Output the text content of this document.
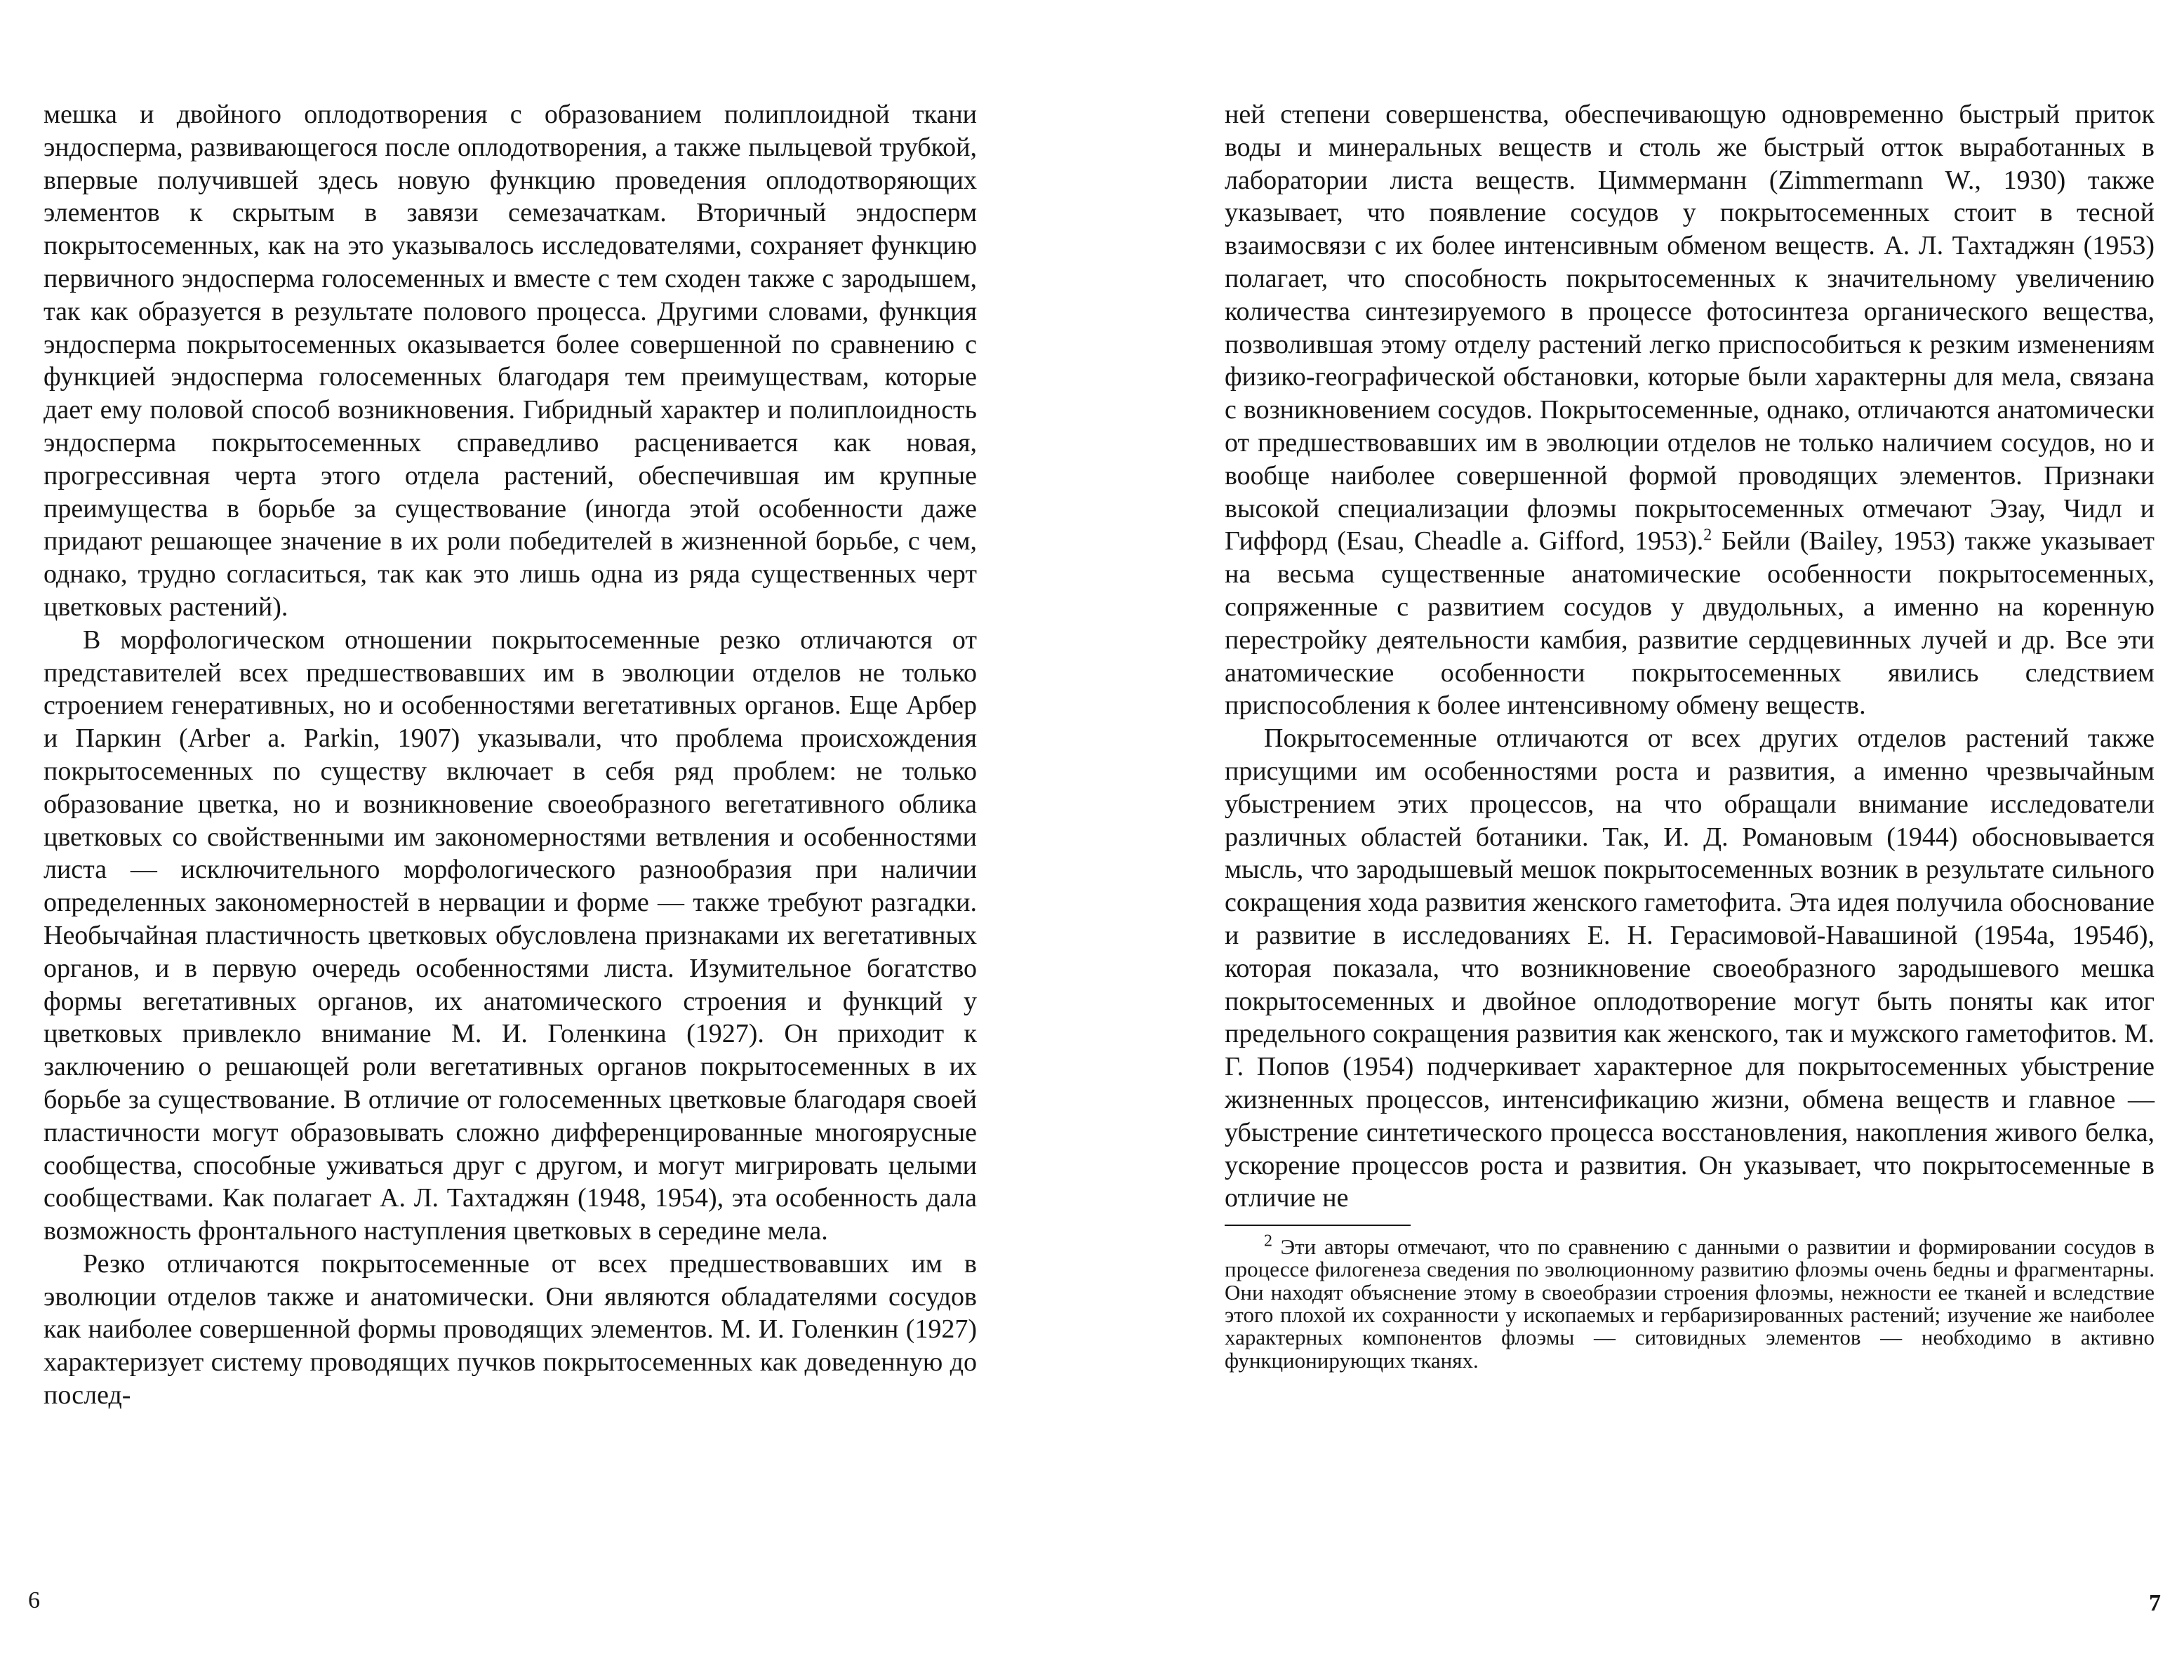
мешка и двойного оплодотворения с образованием полиплоидной ткани эндосперма, развивающегося после оплодотворения, а также пыльцевой трубкой, впервые получившей здесь новую функцию проведения оплодотворяющих элементов к скрытым в завязи семезачаткам. Вторичный эндосперм покрытосеменных, как на это указывалось исследователями, сохраняет функцию первичного эндосперма голосеменных и вместе с тем сходен также с зародышем, так как образуется в результате полового процесса. Другими словами, функция эндосперма покрытосеменных оказывается более совершенной по сравнению с функцией эндосперма голосеменных благодаря тем преимуществам, которые дает ему половой способ возникновения. Гибридный характер и полиплоидность эндосперма покрытосеменных справедливо расценивается как новая, прогрессивная черта этого отдела растений, обеспечившая им крупные преимущества в борьбе за существование (иногда этой особенности даже придают решающее значение в их роли победителей в жизненной борьбе, с чем, однако, трудно согласиться, так как это лишь одна из ряда существенных черт цветковых растений).

В морфологическом отношении покрытосеменные резко отличаются от представителей всех предшествовавших им в эволюции отделов не только строением генеративных, но и особенностями вегетативных органов. Еще Арбер и Паркин (Arber a. Parkin, 1907) указывали, что проблема происхождения покрытосеменных по существу включает в себя ряд проблем: не только образование цветка, но и возникновение своеобразного вегетативного облика цветковых со свойственными им закономерностями ветвления и особенностями листа — исключительного морфологического разнообразия при наличии определенных закономерностей в нервации и форме — также требуют разгадки. Необычайная пластичность цветковых обусловлена признаками их вегетативных органов, и в первую очередь особенностями листа. Изумительное богатство формы вегетативных органов, их анатомического строения и функций у цветковых привлекло внимание М. И. Голенкина (1927). Он приходит к заключению о решающей роли вегетативных органов покрытосеменных в их борьбе за существование. В отличие от голосеменных цветковые благодаря своей пластичности могут образовывать сложно дифференцированные многоярусные сообщества, способные уживаться друг с другом, и могут мигрировать целыми сообществами. Как полагает А. Л. Тахтаджян (1948, 1954), эта особенность дала возможность фронтального наступления цветковых в середине мела.

Резко отличаются покрытосеменные от всех предшествовавших им в эволюции отделов также и анатомически. Они являются обладателями сосудов как наиболее совершенной формы проводящих элементов. М. И. Голенкин (1927) характеризует систему проводящих пучков покрытосеменных как доведенную до послед-

6

ней степени совершенства, обеспечивающую одновременно быстрый приток воды и минеральных веществ и столь же быстрый отток выработанных в лаборатории листа веществ. Циммерманн (Zimmermann W., 1930) также указывает, что появление сосудов у покрытосеменных стоит в тесной взаимосвязи с их более интенсивным обменом веществ. А. Л. Тахтаджян (1953) полагает, что способность покрытосеменных к значительному увеличению количества синтезируемого в процессе фотосинтеза органического вещества, позволившая этому отделу растений легко приспособиться к резким изменениям физико-географической обстановки, которые были характерны для мела, связана с возникновением сосудов. Покрытосеменные, однако, отличаются анатомически от предшествовавших им в эволюции отделов не только наличием сосудов, но и вообще наиболее совершенной формой проводящих элементов. Признаки высокой специализации флоэмы покрытосеменных отмечают Эзау, Чидл и Гиффорд (Esau, Cheadle a. Gifford, 1953).$^2$ Бейли (Bailey, 1953) также указывает на весьма существенные анатомические особенности покрытосеменных, сопряженные с развитием сосудов у двудольных, а именно на коренную перестройку деятельности камбия, развитие сердцевинных лучей и др. Все эти анатомические особенности покрытосеменных явились следствием приспособления к более интенсивному обмену веществ.

Покрытосеменные отличаются от всех других отделов растений также присущими им особенностями роста и развития, а именно чрезвычайным убыстрением этих процессов, на что обращали внимание исследователи различных областей ботаники. Так, И. Д. Романовым (1944) обосновывается мысль, что зародышевый мешок покрытосеменных возник в результате сильного сокращения хода развития женского гаметофита. Эта идея получила обоснование и развитие в исследованиях Е. Н. Герасимовой-Навашиной (1954а, 1954б), которая показала, что возникновение своеобразного зародышевого мешка покрытосеменных и двойное оплодотворение могут быть поняты как итог предельного сокращения развития как женского, так и мужского гаметофитов. М. Г. Попов (1954) подчеркивает характерное для покрытосеменных убыстрение жизненных процессов, интенсификацию жизни, обмена веществ и главное — убыстрение синтетического процесса восстановления, накопления живого белка, ускорение процессов роста и развития. Он указывает, что покрытосеменные в отличие не

$^2$ Эти авторы отмечают, что по сравнению с данными о развитии и формировании сосудов в процессе филогенеза сведения по эволюционному развитию флоэмы очень бедны и фрагментарны. Они находят объяснение этому в своеобразии строения флоэмы, нежности ее тканей и вследствие этого плохой их сохранности у ископаемых и гербаризированных растений; изучение же наиболее характерных компонентов флоэмы — ситовидных элементов — необходимо в активно функционирующих тканях.

7
